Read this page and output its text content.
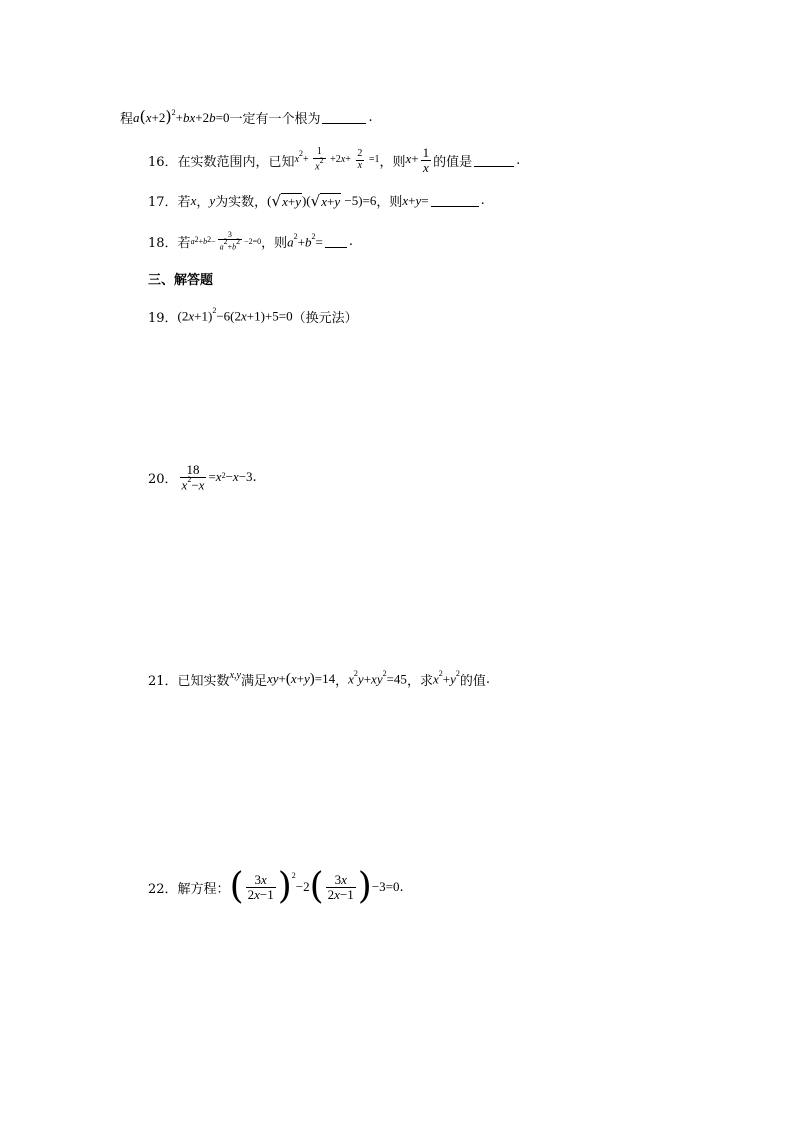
程 $a(x+2)^2+bx+2b=0$ 一定有一个根为	.
16． 在实数范围内，已知 $x^2+ \frac{1}{x^2} +2x+ \frac{2}{x} =1$ ，则 $x+ \frac{1}{x}$ 的值是	.
17． 若 x ， y 为实数， ( √ x+y )( √ x+y −5)=6 ，则 x+y=	.
18． 若 a 2 + b $2 - \frac{3}{a2+b2} -2=0$ ，则 $a^2+b^2=$ .
三、解答题
19． $(2x+1)^2-6(2x+1)+5=0$ （换元法）
20． $\frac{18}{x^2-x} = x$ 2 − x −3 .
21． 已知实数 x,y 满足 xy+(x+y)=14 ， $x^2y+xy^2=45$ ，求 $x^2+y^2$
的值 .
22． 解方程： ( $\frac{3x}{2x-1}$ ) 2
−2 ( $\frac{3x}{2x-1}$ ) −3=0 .
